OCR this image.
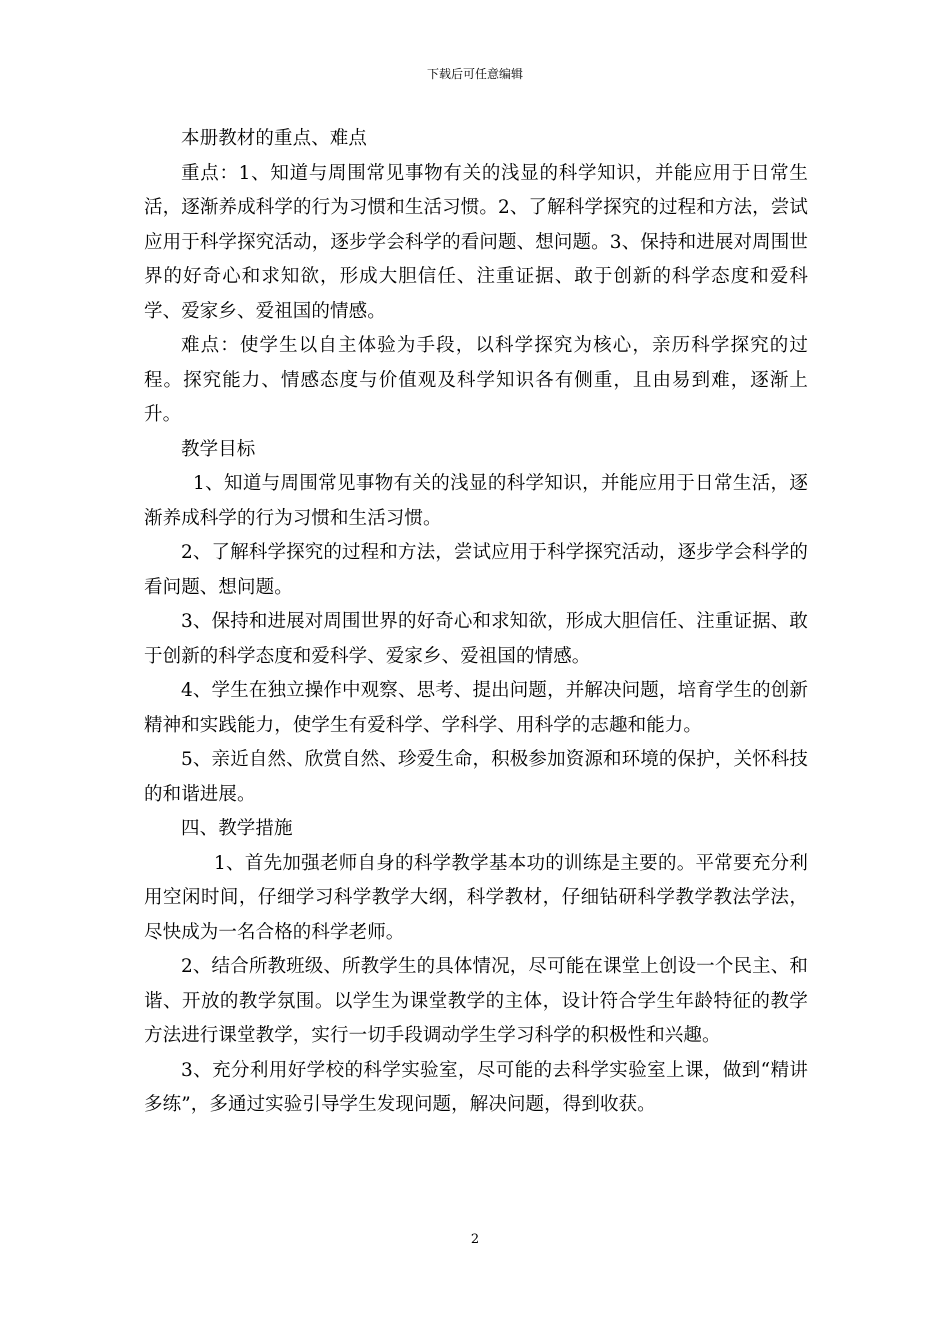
下载后可任意编辑

本册教材的重点、难点

重点：1、知道与周围常见事物有关的浅显的科学知识，并能应用于日常生活，逐渐养成科学的行为习惯和生活习惯。2、了解科学探究的过程和方法，尝试应用于科学探究活动，逐步学会科学的看问题、想问题。3、保持和进展对周围世界的好奇心和求知欲，形成大胆信任、注重证据、敢于创新的科学态度和爱科学、爱家乡、爱祖国的情感。

难点：使学生以自主体验为手段，以科学探究为核心，亲历科学探究的过程。探究能力、情感态度与价值观及科学知识各有侧重，且由易到难，逐渐上升。

教学目标

1、知道与周围常见事物有关的浅显的科学知识，并能应用于日常生活，逐渐养成科学的行为习惯和生活习惯。

2、了解科学探究的过程和方法，尝试应用于科学探究活动，逐步学会科学的看问题、想问题。

3、保持和进展对周围世界的好奇心和求知欲，形成大胆信任、注重证据、敢于创新的科学态度和爱科学、爱家乡、爱祖国的情感。

4、学生在独立操作中观察、思考、提出问题，并解决问题，培育学生的创新精神和实践能力，使学生有爱科学、学科学、用科学的志趣和能力。

5、亲近自然、欣赏自然、珍爱生命，积极参加资源和环境的保护，关怀科技的和谐进展。

四、教学措施

1、首先加强老师自身的科学教学基本功的训练是主要的。平常要充分利用空闲时间，仔细学习科学教学大纲，科学教材，仔细钻研科学教学教法学法，尽快成为一名合格的科学老师。

2、结合所教班级、所教学生的具体情况，尽可能在课堂上创设一个民主、和谐、开放的教学氛围。以学生为课堂教学的主体，设计符合学生年龄特征的教学方法进行课堂教学，实行一切手段调动学生学习科学的积极性和兴趣。

3、充分利用好学校的科学实验室，尽可能的去科学实验室上课，做到“精讲多练”，多通过实验引导学生发现问题，解决问题，得到收获。

2
